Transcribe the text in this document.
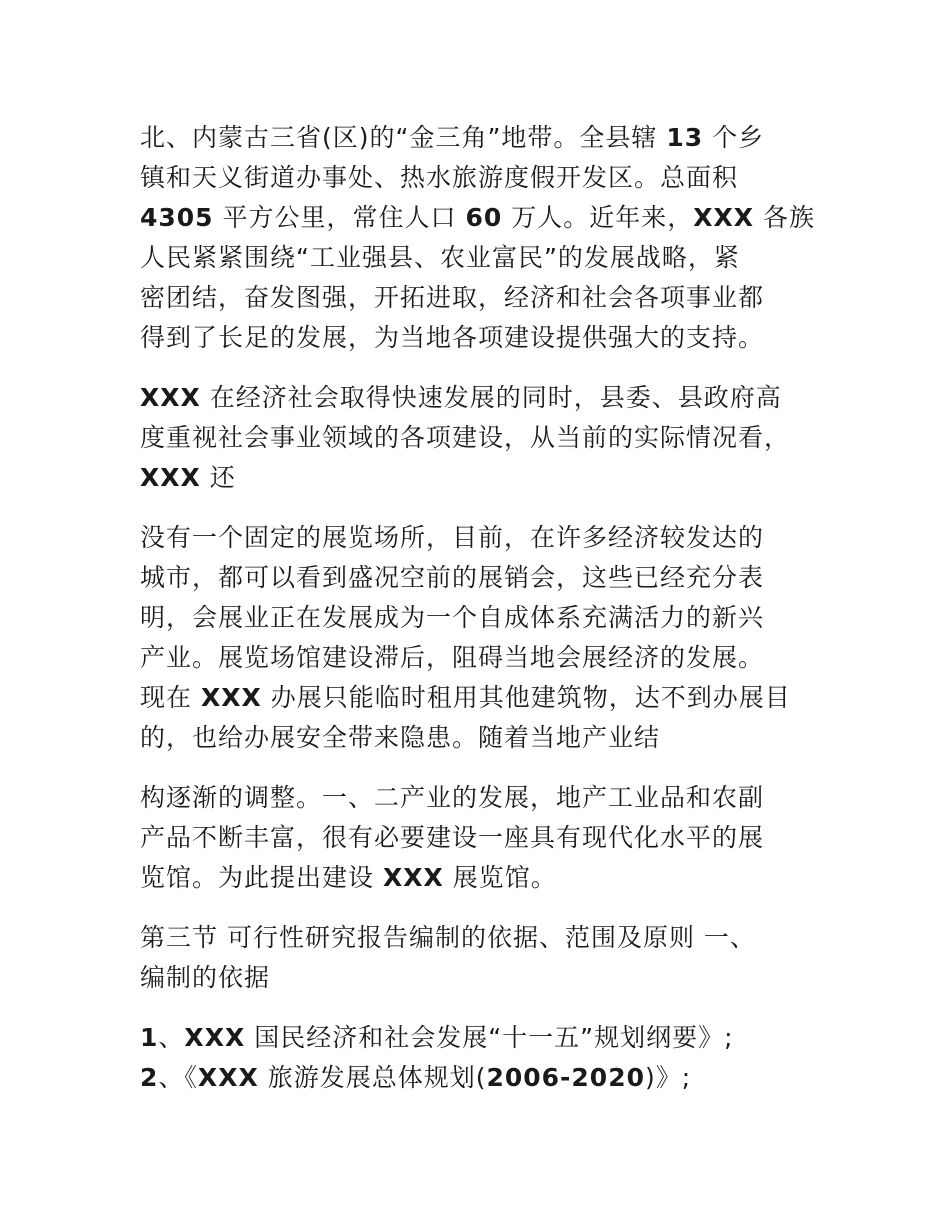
北、内蒙古三省(区)的“金三角”地带。全县辖 13 个乡
镇和天义街道办事处、热水旅游度假开发区。总面积
4305 平方公里，常住人口 60 万人。近年来，XXX 各族
人民紧紧围绕“工业强县、农业富民”的发展战略，紧
密团结，奋发图强，开拓进取，经济和社会各项事业都
得到了长足的发展，为当地各项建设提供强大的支持。
XXX 在经济社会取得快速发展的同时，县委、县政府高
度重视社会事业领域的各项建设，从当前的实际情况看，
XXX 还
没有一个固定的展览场所，目前，在许多经济较发达的
城市，都可以看到盛况空前的展销会，这些已经充分表
明，会展业正在发展成为一个自成体系充满活力的新兴
产业。展览场馆建设滞后，阻碍当地会展经济的发展。
现在 XXX 办展只能临时租用其他建筑物，达不到办展目
的，也给办展安全带来隐患。随着当地产业结
构逐渐的调整。一、二产业的发展，地产工业品和农副
产品不断丰富，很有必要建设一座具有现代化水平的展
览馆。为此提出建设 XXX 展览馆。
第三节 可行性研究报告编制的依据、范围及原则 一、
编制的依据
1、XXX 国民经济和社会发展“十一五”规划纲要》;
2、《XXX 旅游发展总体规划(2006-2020)》;
